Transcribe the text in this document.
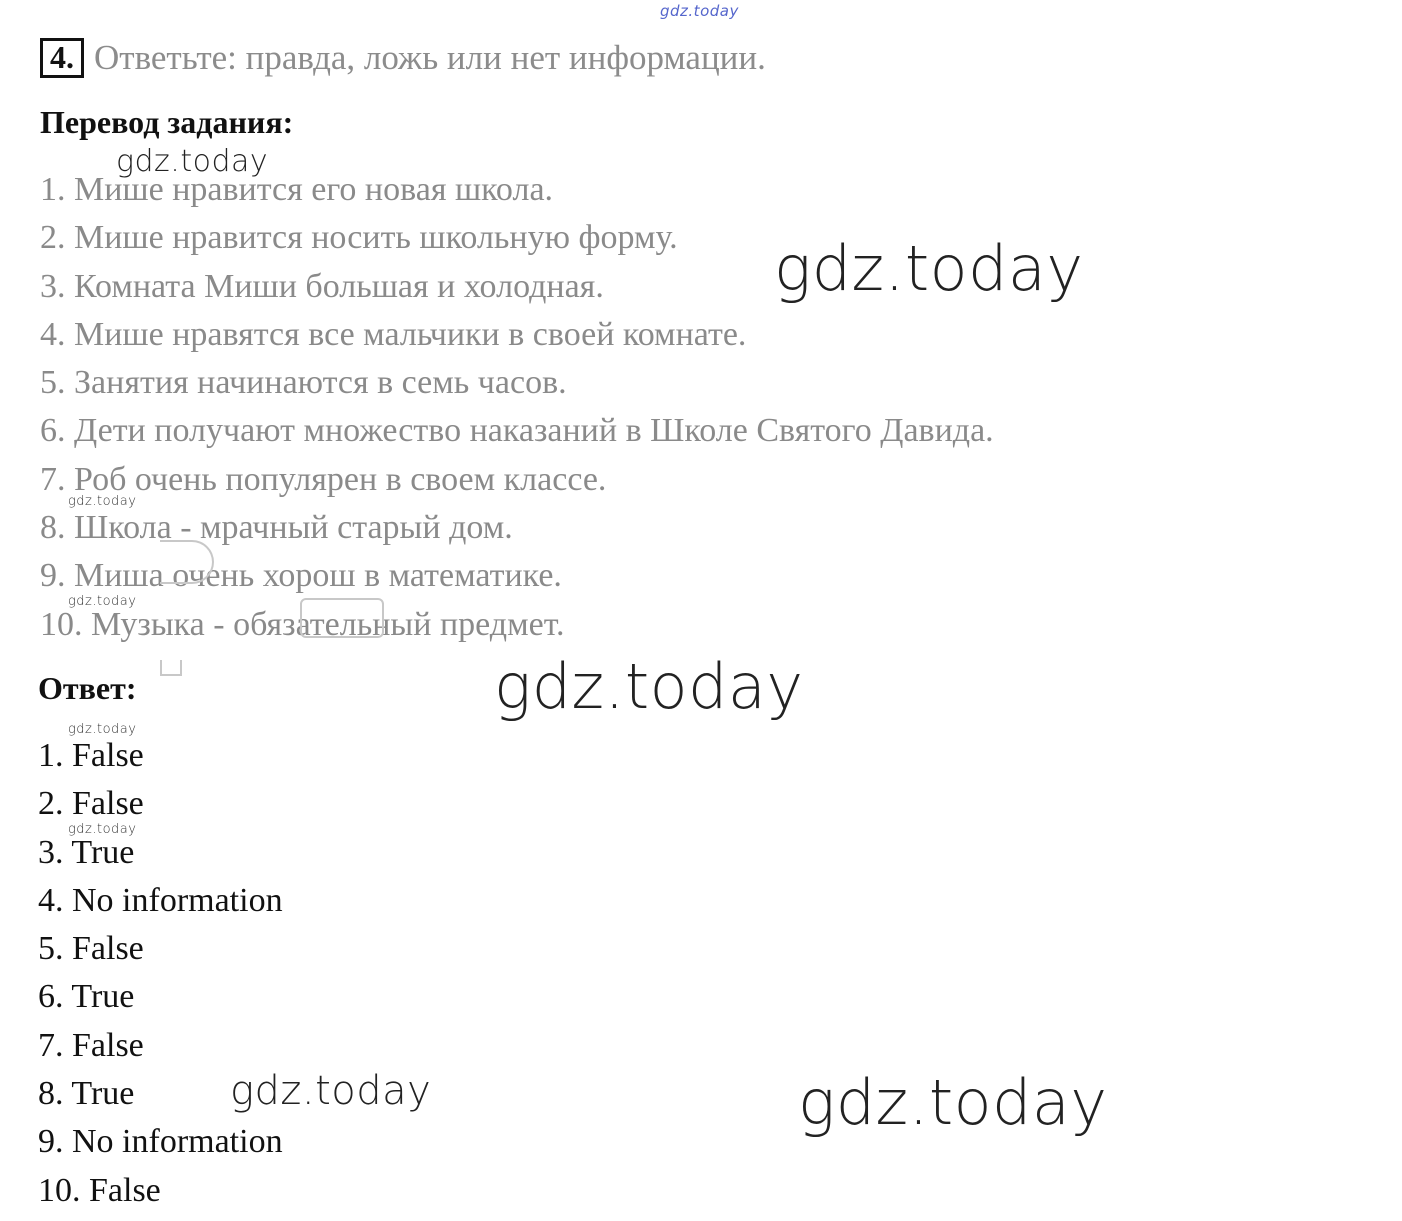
gdz.today
4. Ответьте: правда, ложь или нет информации.
Перевод задания:
1. Мише нравится его новая школа.
2. Мише нравится носить школьную форму.
3. Комната Миши большая и холодная.
4. Мише нравятся все мальчики в своей комнате.
5. Занятия начинаются в семь часов.
6. Дети получают множество наказаний в Школе Святого Давида.
7. Роб очень популярен в своем классе.
8. Школа - мрачный старый дом.
9. Миша очень хорош в математике.
10. Музыка - обязательный предмет.
Ответ:
1. False
2. False
3. True
4. No information
5. False
6. True
7. False
8. True
9. No information
10. False
gdz.today
gdz.today
gdz.today
gdz.today
gdz.today
gdz.today
gdz.today
gdz.today	gdz.today
